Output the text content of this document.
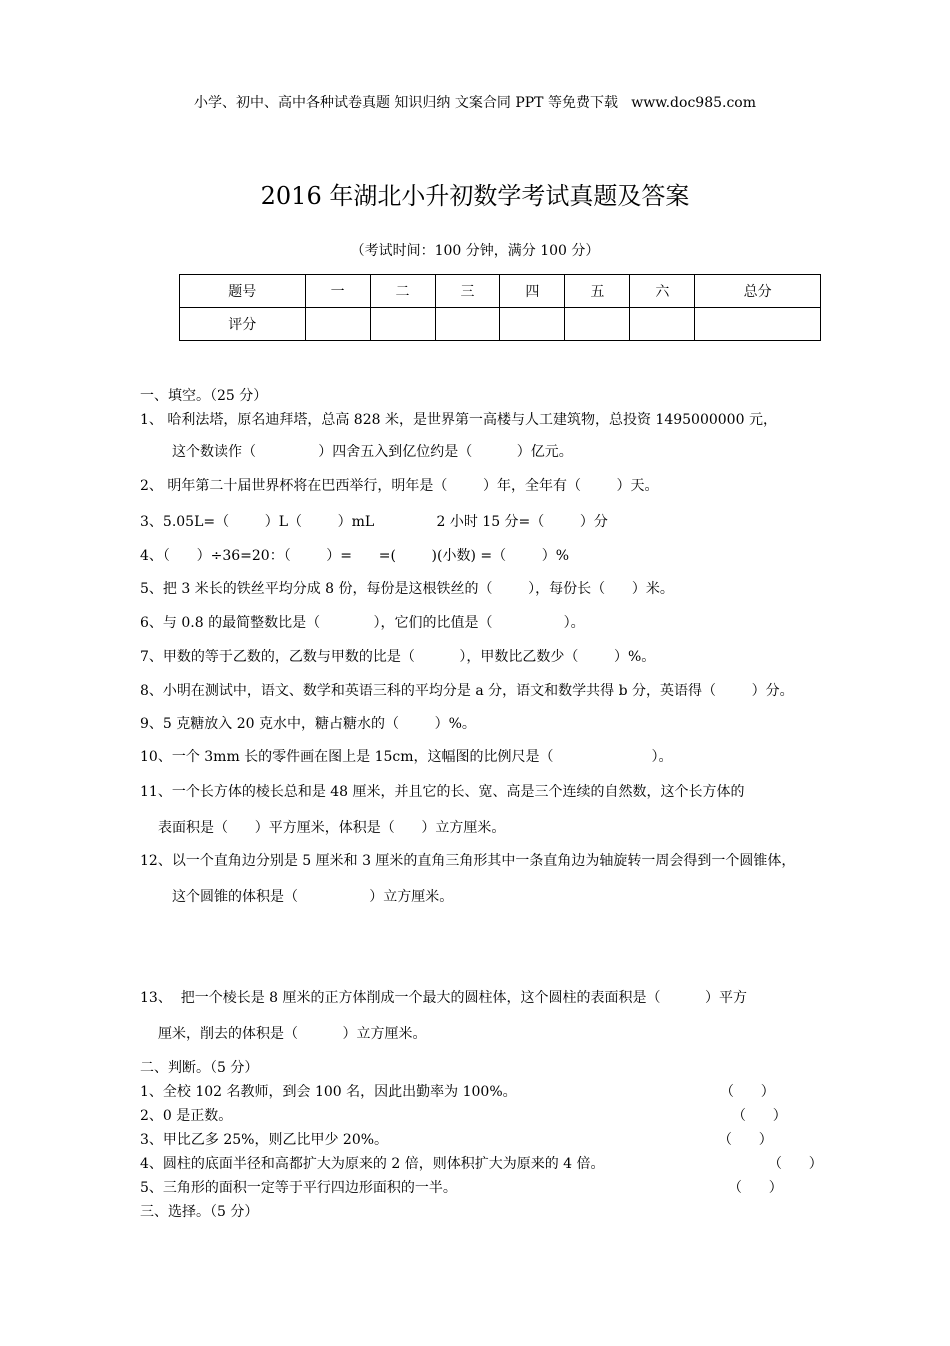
小学、初中、高中各种试卷真题 知识归纳 文案合同 PPT 等免费下载   www.doc985.com
2016 年湖北小升初数学考试真题及答案
（考试时间：100 分钟，满分 100 分）
题号	一	二	三	四	五	六	总分
评分							
一、填空。（25 分）
1、 哈利法塔，原名迪拜塔，总高 828 米，是世界第一高楼与人工建筑物，总投资 1495000000 元，
这个数读作（              ）四舍五入到亿位约是（          ）亿元。
2、 明年第二十届世界杯将在巴西举行，明年是（        ）年，全年有（        ）天。
3、5.05L=（        ）L（        ）mL              2 小时 15 分=（        ）分
4、（      ）÷36=20：（        ）=      =(        )(小数) =（        ）%
5、把 3 米长的铁丝平均分成 8 份，每份是这根铁丝的（        ），每份长（      ）米。
6、与 0.8 的最简整数比是（            ），它们的比值是（                ）。
7、甲数的等于乙数的，乙数与甲数的比是（          ），甲数比乙数少（        ）%。
8、小明在测试中，语文、数学和英语三科的平均分是 a 分，语文和数学共得 b 分，英语得（        ）分。
9、5 克糖放入 20 克水中，糖占糖水的（        ）%。
10、一个 3mm 长的零件画在图上是 15cm，这幅图的比例尺是（                      ）。
11、一个长方体的棱长总和是 48 厘米，并且它的长、宽、高是三个连续的自然数，这个长方体的
表面积是（      ）平方厘米，体积是（      ）立方厘米。
12、以一个直角边分别是 5 厘米和 3 厘米的直角三角形其中一条直角边为轴旋转一周会得到一个圆锥体，
这个圆锥的体积是（                ）立方厘米。
13、  把一个棱长是 8 厘米的正方体削成一个最大的圆柱体，这个圆柱的表面积是（          ）平方
厘米，削去的体积是（          ）立方厘米。
二、判断。（5 分）
1、全校 102 名教师，到会 100 名，因此出勤率为 100%。	（      ）
2、0 是正数。	（      ）
3、甲比乙多 25%，则乙比甲少 20%。	（      ）
4、圆柱的底面半径和高都扩大为原来的 2 倍，则体积扩大为原来的 4 倍。	（      ）
5、三角形的面积一定等于平行四边形面积的一半。	（      ）
三、选择。（5 分）
